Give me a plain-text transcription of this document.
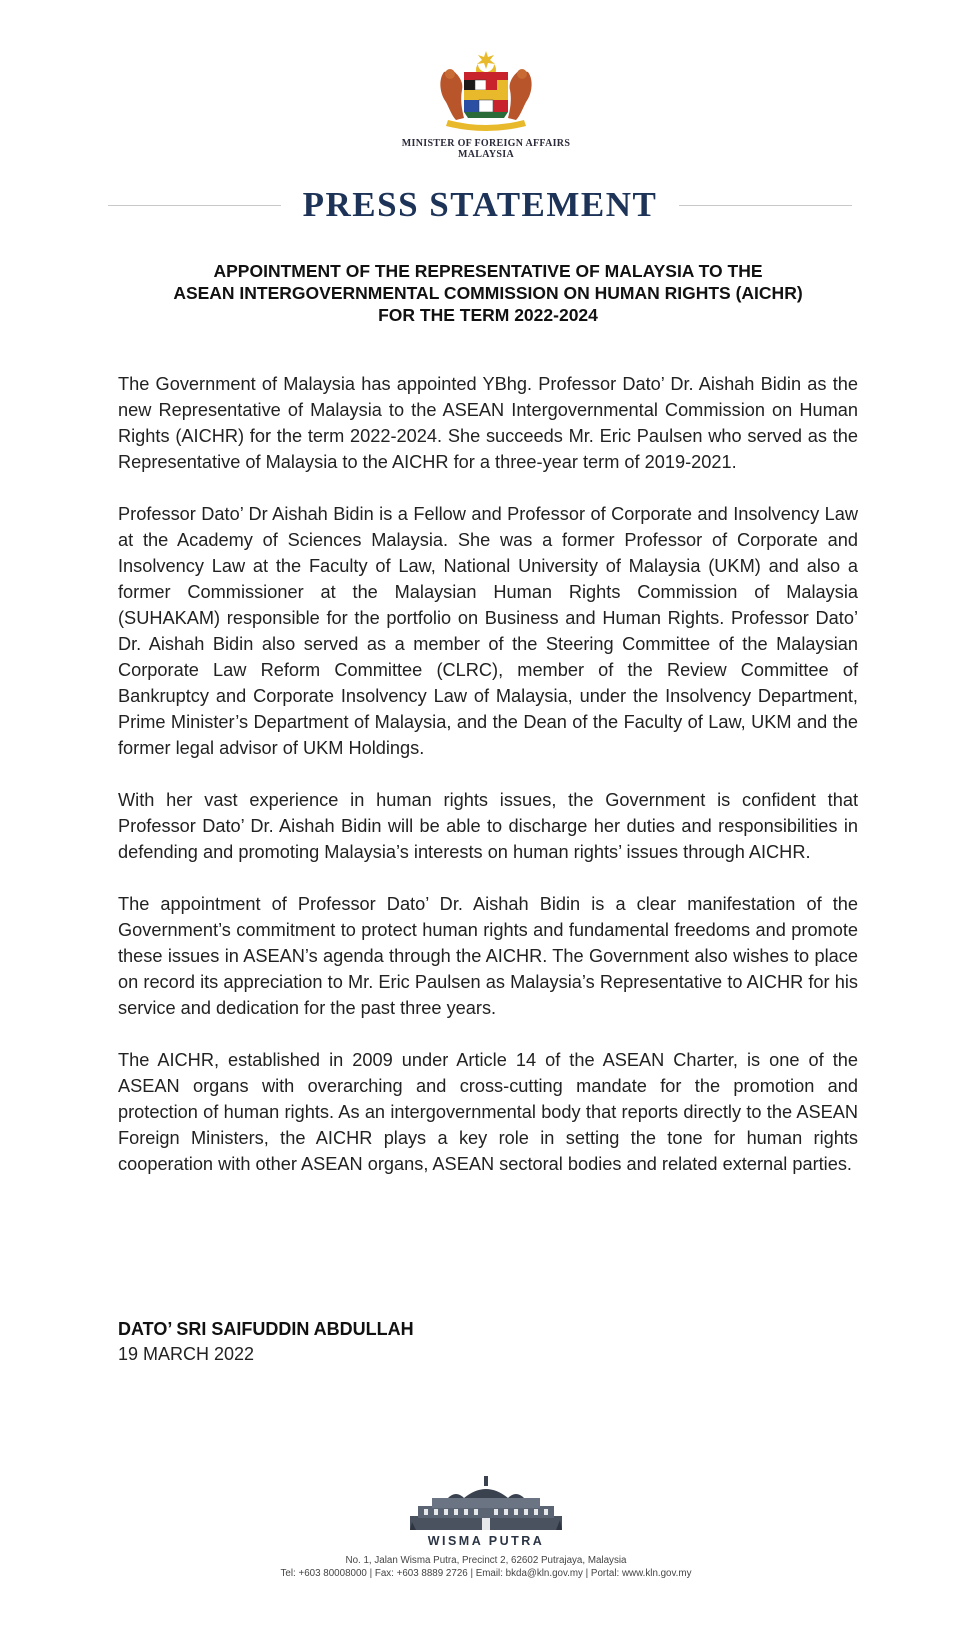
MINISTER OF FOREIGN AFFAIRS
MALAYSIA
PRESS STATEMENT
APPOINTMENT OF THE REPRESENTATIVE OF MALAYSIA TO THE
ASEAN INTERGOVERNMENTAL COMMISSION ON HUMAN RIGHTS (AICHR)
FOR THE TERM 2022-2024

The Government of Malaysia has appointed YBhg. Professor Dato’ Dr. Aishah Bidin as the new Representative of Malaysia to the ASEAN Intergovernmental Commission on Human Rights (AICHR) for the term 2022-2024. She succeeds Mr. Eric Paulsen who served as the Representative of Malaysia to the AICHR for a three-year term of 2019-2021.

Professor Dato’ Dr Aishah Bidin is a Fellow and Professor of Corporate and Insolvency Law at the Academy of Sciences Malaysia. She was a former Professor of Corporate and Insolvency Law at the Faculty of Law, National University of Malaysia (UKM) and also a former Commissioner at the Malaysian Human Rights Commission of Malaysia (SUHAKAM) responsible for the portfolio on Business and Human Rights. Professor Dato’ Dr. Aishah Bidin also served as a member of the Steering Committee of the Malaysian Corporate Law Reform Committee (CLRC), member of the Review Committee of Bankruptcy and Corporate Insolvency Law of Malaysia, under the Insolvency Department, Prime Minister’s Department of Malaysia, and the Dean of the Faculty of Law, UKM and the former legal advisor of UKM Holdings.

With her vast experience in human rights issues, the Government is confident that Professor Dato’ Dr. Aishah Bidin will be able to discharge her duties and responsibilities in defending and promoting Malaysia’s interests on human rights’ issues through AICHR.

The appointment of Professor Dato’ Dr. Aishah Bidin is a clear manifestation of the Government’s commitment to protect human rights and fundamental freedoms and promote these issues in ASEAN’s agenda through the AICHR. The Government also wishes to place on record its appreciation to Mr. Eric Paulsen as Malaysia’s Representative to AICHR for his service and dedication for the past three years.

The AICHR, established in 2009 under Article 14 of the ASEAN Charter, is one of the ASEAN organs with overarching and cross-cutting mandate for the promotion and protection of human rights. As an intergovernmental body that reports directly to the ASEAN Foreign Ministers, the AICHR plays a key role in setting the tone for human rights cooperation with other ASEAN organs, ASEAN sectoral bodies and related external parties.

DATO’ SRI SAIFUDDIN ABDULLAH
19 MARCH 2022
WISMA PUTRA
No. 1, Jalan Wisma Putra, Precinct 2, 62602 Putrajaya, Malaysia
Tel: +603 80008000 | Fax: +603 8889 2726 | Email: bkda@kln.gov.my | Portal: www.kln.gov.my
